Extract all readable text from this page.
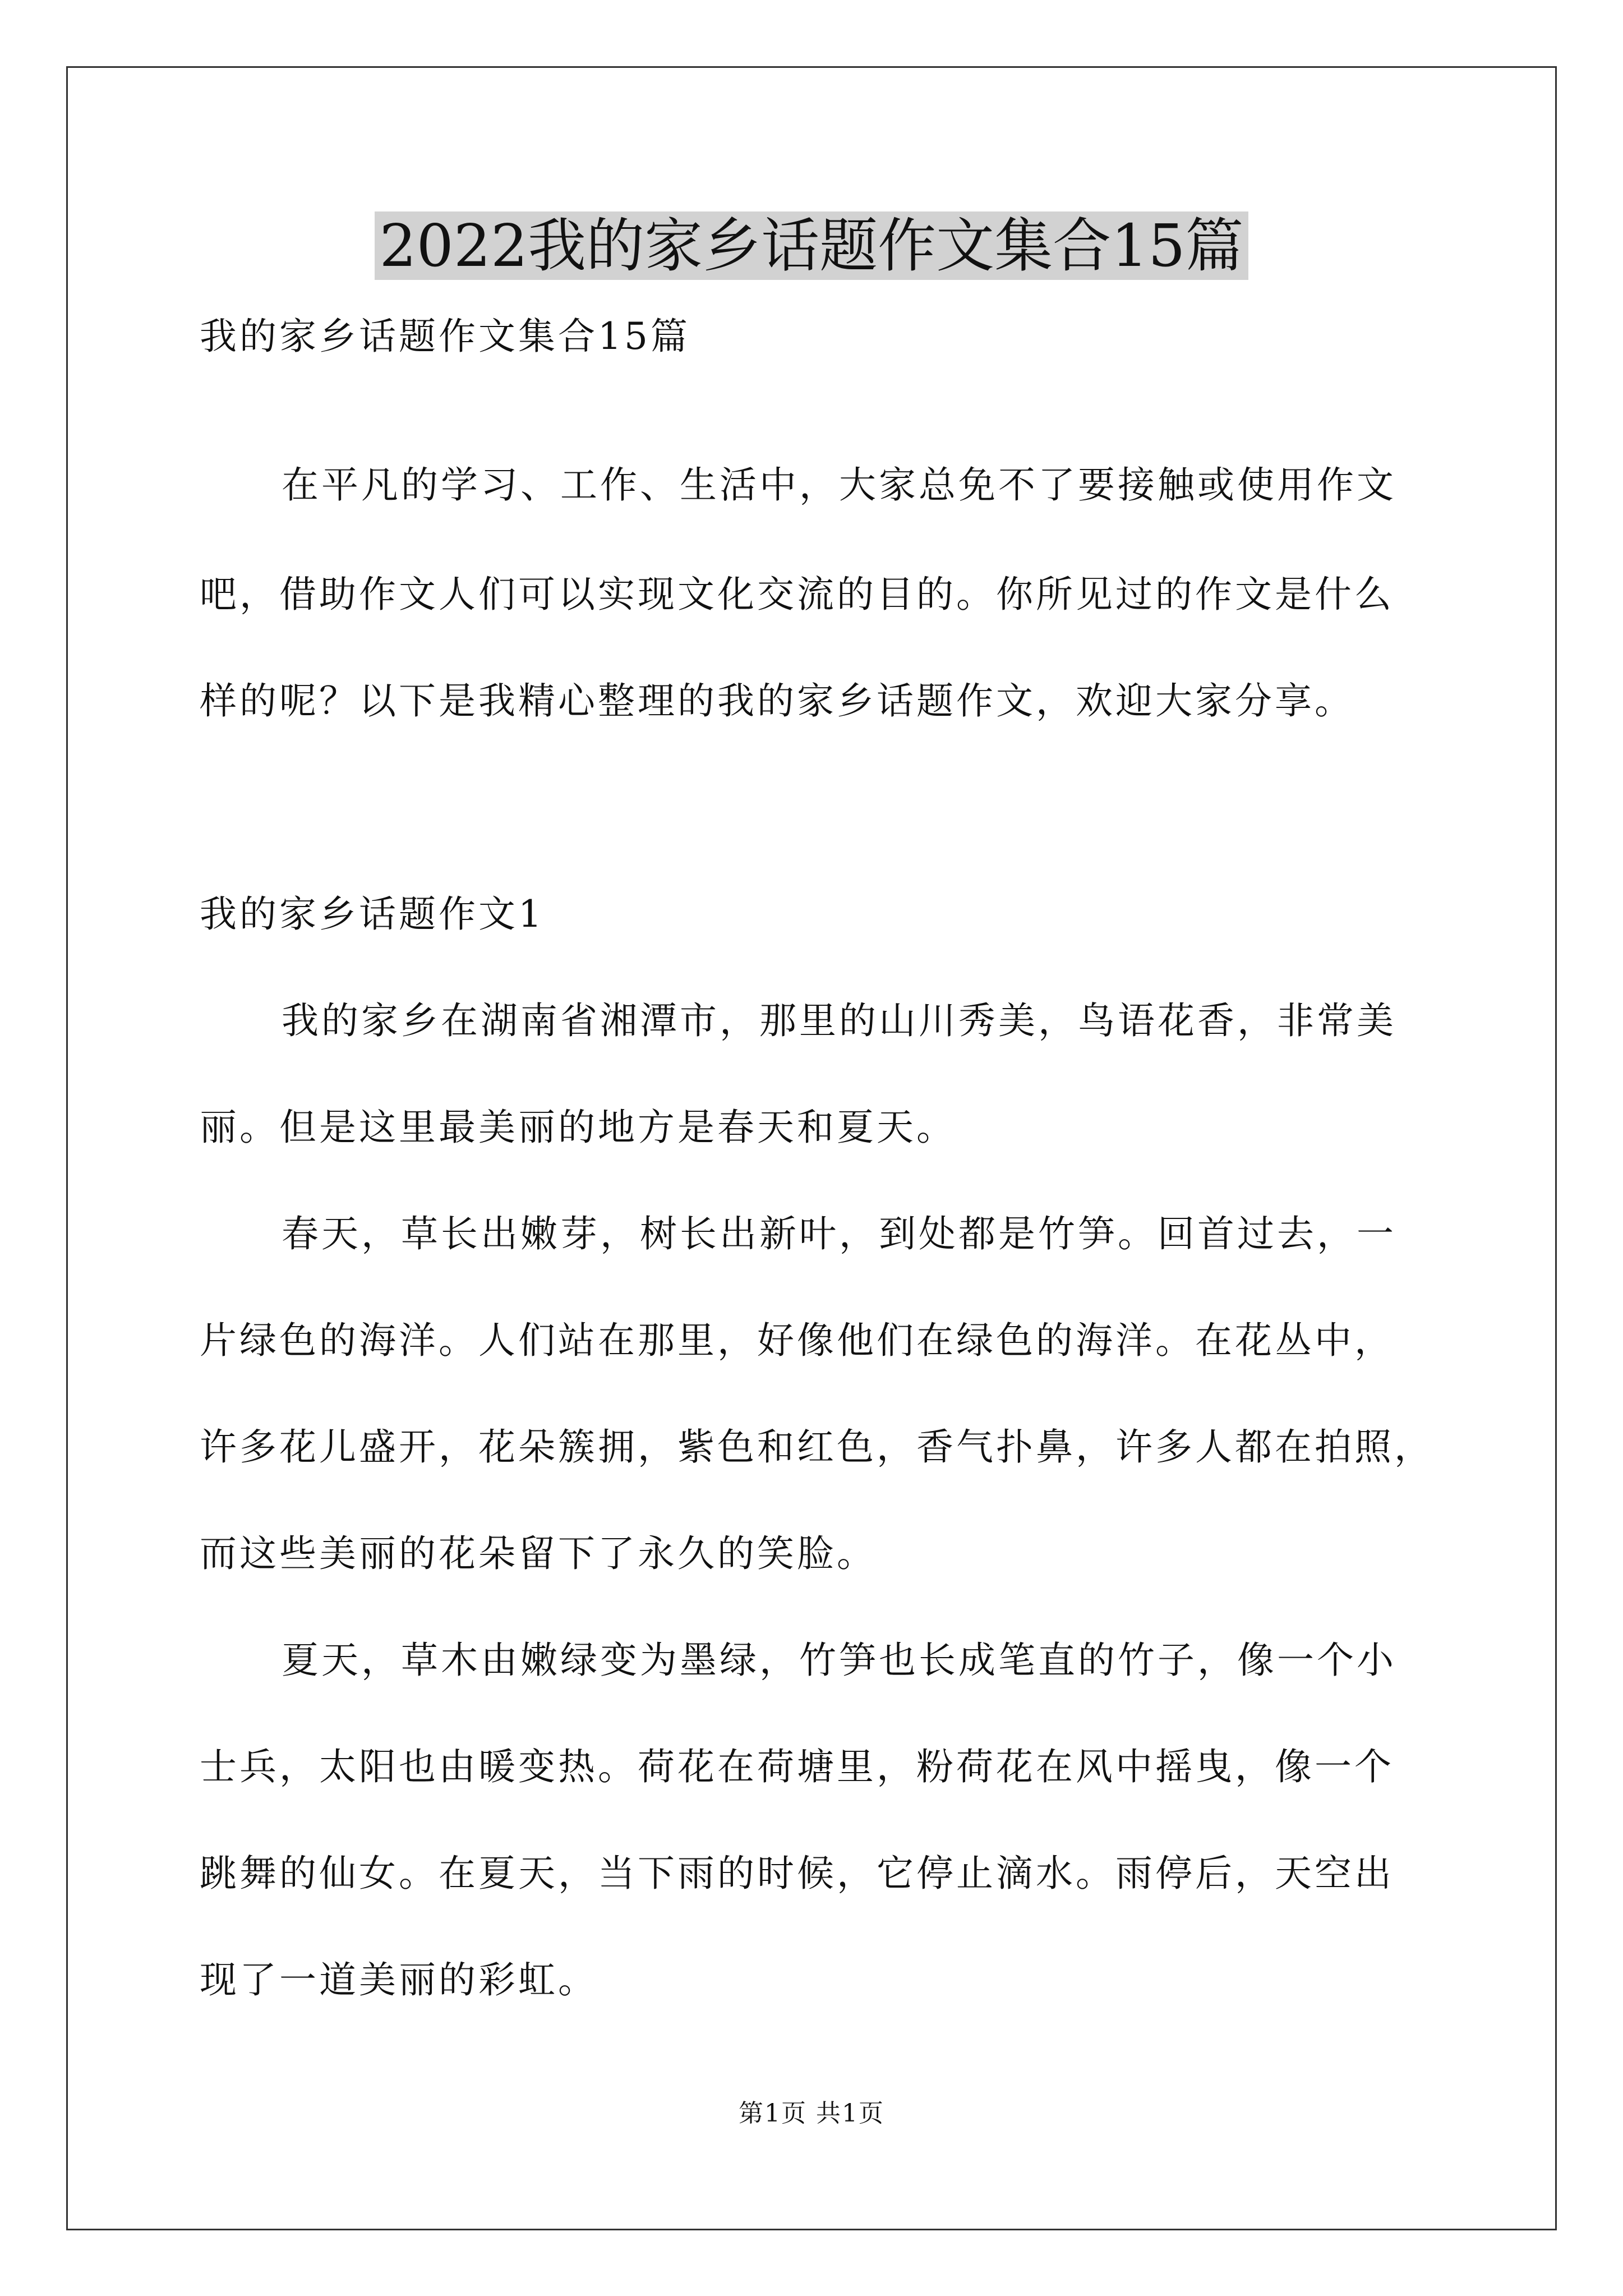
2022我的家乡话题作文集合15篇
我的家乡话题作文集合15篇
在平凡的学习、工作、生活中，大家总免不了要接触或使用作文
吧，借助作文人们可以实现文化交流的目的。你所见过的作文是什么
样的呢？以下是我精心整理的我的家乡话题作文，欢迎大家分享。
我的家乡话题作文1
我的家乡在湖南省湘潭市，那里的山川秀美，鸟语花香，非常美
丽。但是这里最美丽的地方是春天和夏天。
春天，草长出嫩芽，树长出新叶，到处都是竹笋。回首过去，一
片绿色的海洋。人们站在那里，好像他们在绿色的海洋。在花丛中，
许多花儿盛开，花朵簇拥，紫色和红色，香气扑鼻，许多人都在拍照，
而这些美丽的花朵留下了永久的笑脸。
夏天，草木由嫩绿变为墨绿，竹笋也长成笔直的竹子，像一个小
士兵，太阳也由暖变热。荷花在荷塘里，粉荷花在风中摇曳，像一个
跳舞的仙女。在夏天，当下雨的时候，它停止滴水。雨停后，天空出
现了一道美丽的彩虹。
第1页 共1页
